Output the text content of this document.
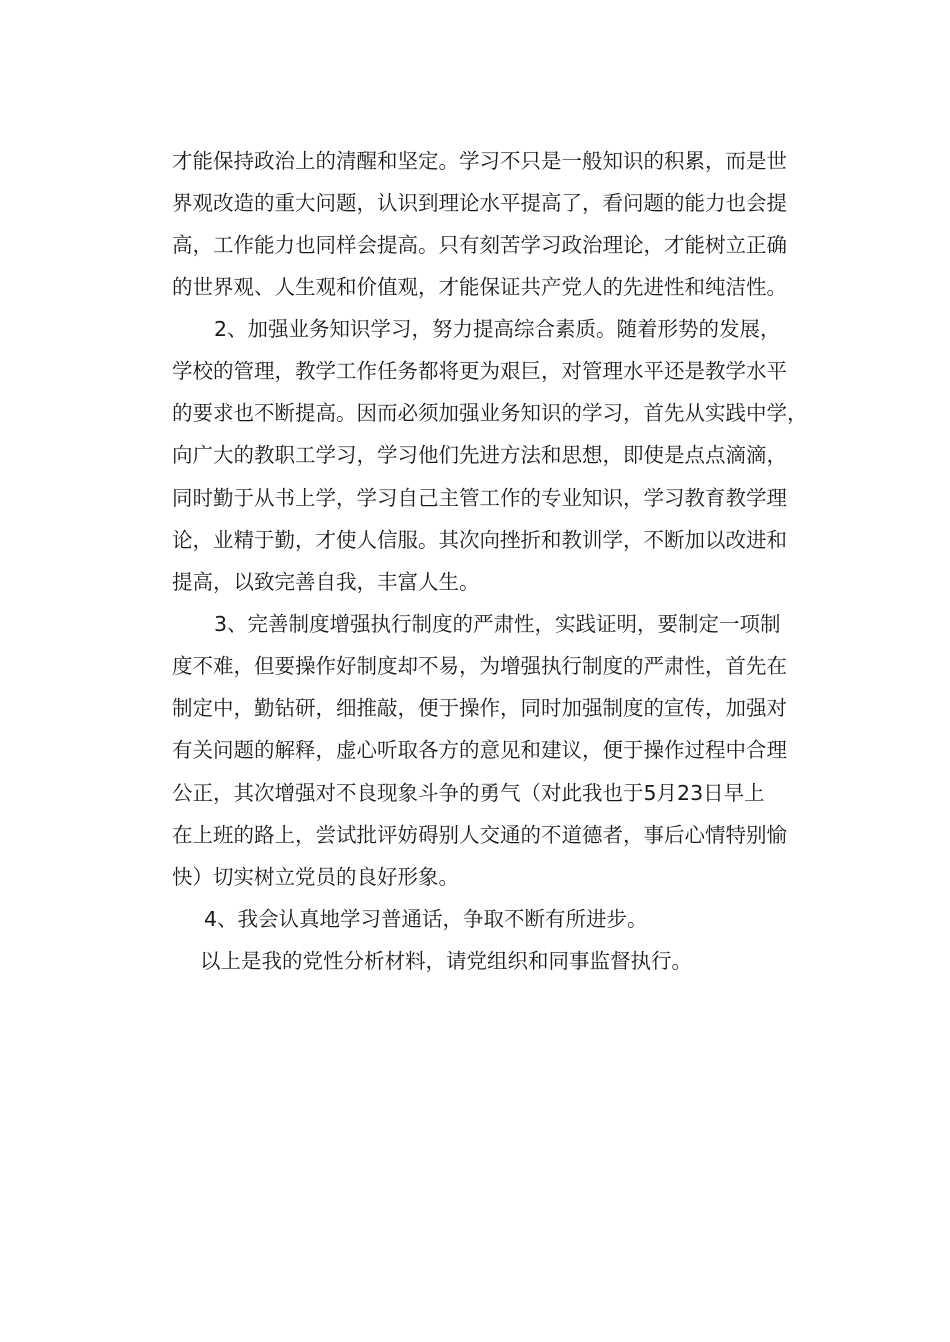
才能保持政治上的清醒和坚定。学习不只是一般知识的积累，而是世
界观改造的重大问题，认识到理论水平提高了，看问题的能力也会提
高，工作能力也同样会提高。只有刻苦学习政治理论，才能树立正确
的世界观、人生观和价值观，才能保证共产党人的先进性和纯洁性。
2、加强业务知识学习，努力提高综合素质。随着形势的发展，
学校的管理，教学工作任务都将更为艰巨，对管理水平还是教学水平
的要求也不断提高。因而必须加强业务知识的学习，首先从实践中学，
向广大的教职工学习，学习他们先进方法和思想，即使是点点滴滴，
同时勤于从书上学，学习自己主管工作的专业知识，学习教育教学理
论，业精于勤，才使人信服。其次向挫折和教训学，不断加以改进和
提高，以致完善自我，丰富人生。
3、完善制度增强执行制度的严肃性，实践证明，要制定一项制
度不难，但要操作好制度却不易，为增强执行制度的严肃性，首先在
制定中，勤钻研，细推敲，便于操作，同时加强制度的宣传，加强对
有关问题的解释，虚心听取各方的意见和建议，便于操作过程中合理
公正，其次增强对不良现象斗争的勇气（对此我也于5月23日早上
在上班的路上，尝试批评妨碍别人交通的不道德者，事后心情特别愉
快）切实树立党员的良好形象。
4、我会认真地学习普通话，争取不断有所进步。
以上是我的党性分析材料，请党组织和同事监督执行。
